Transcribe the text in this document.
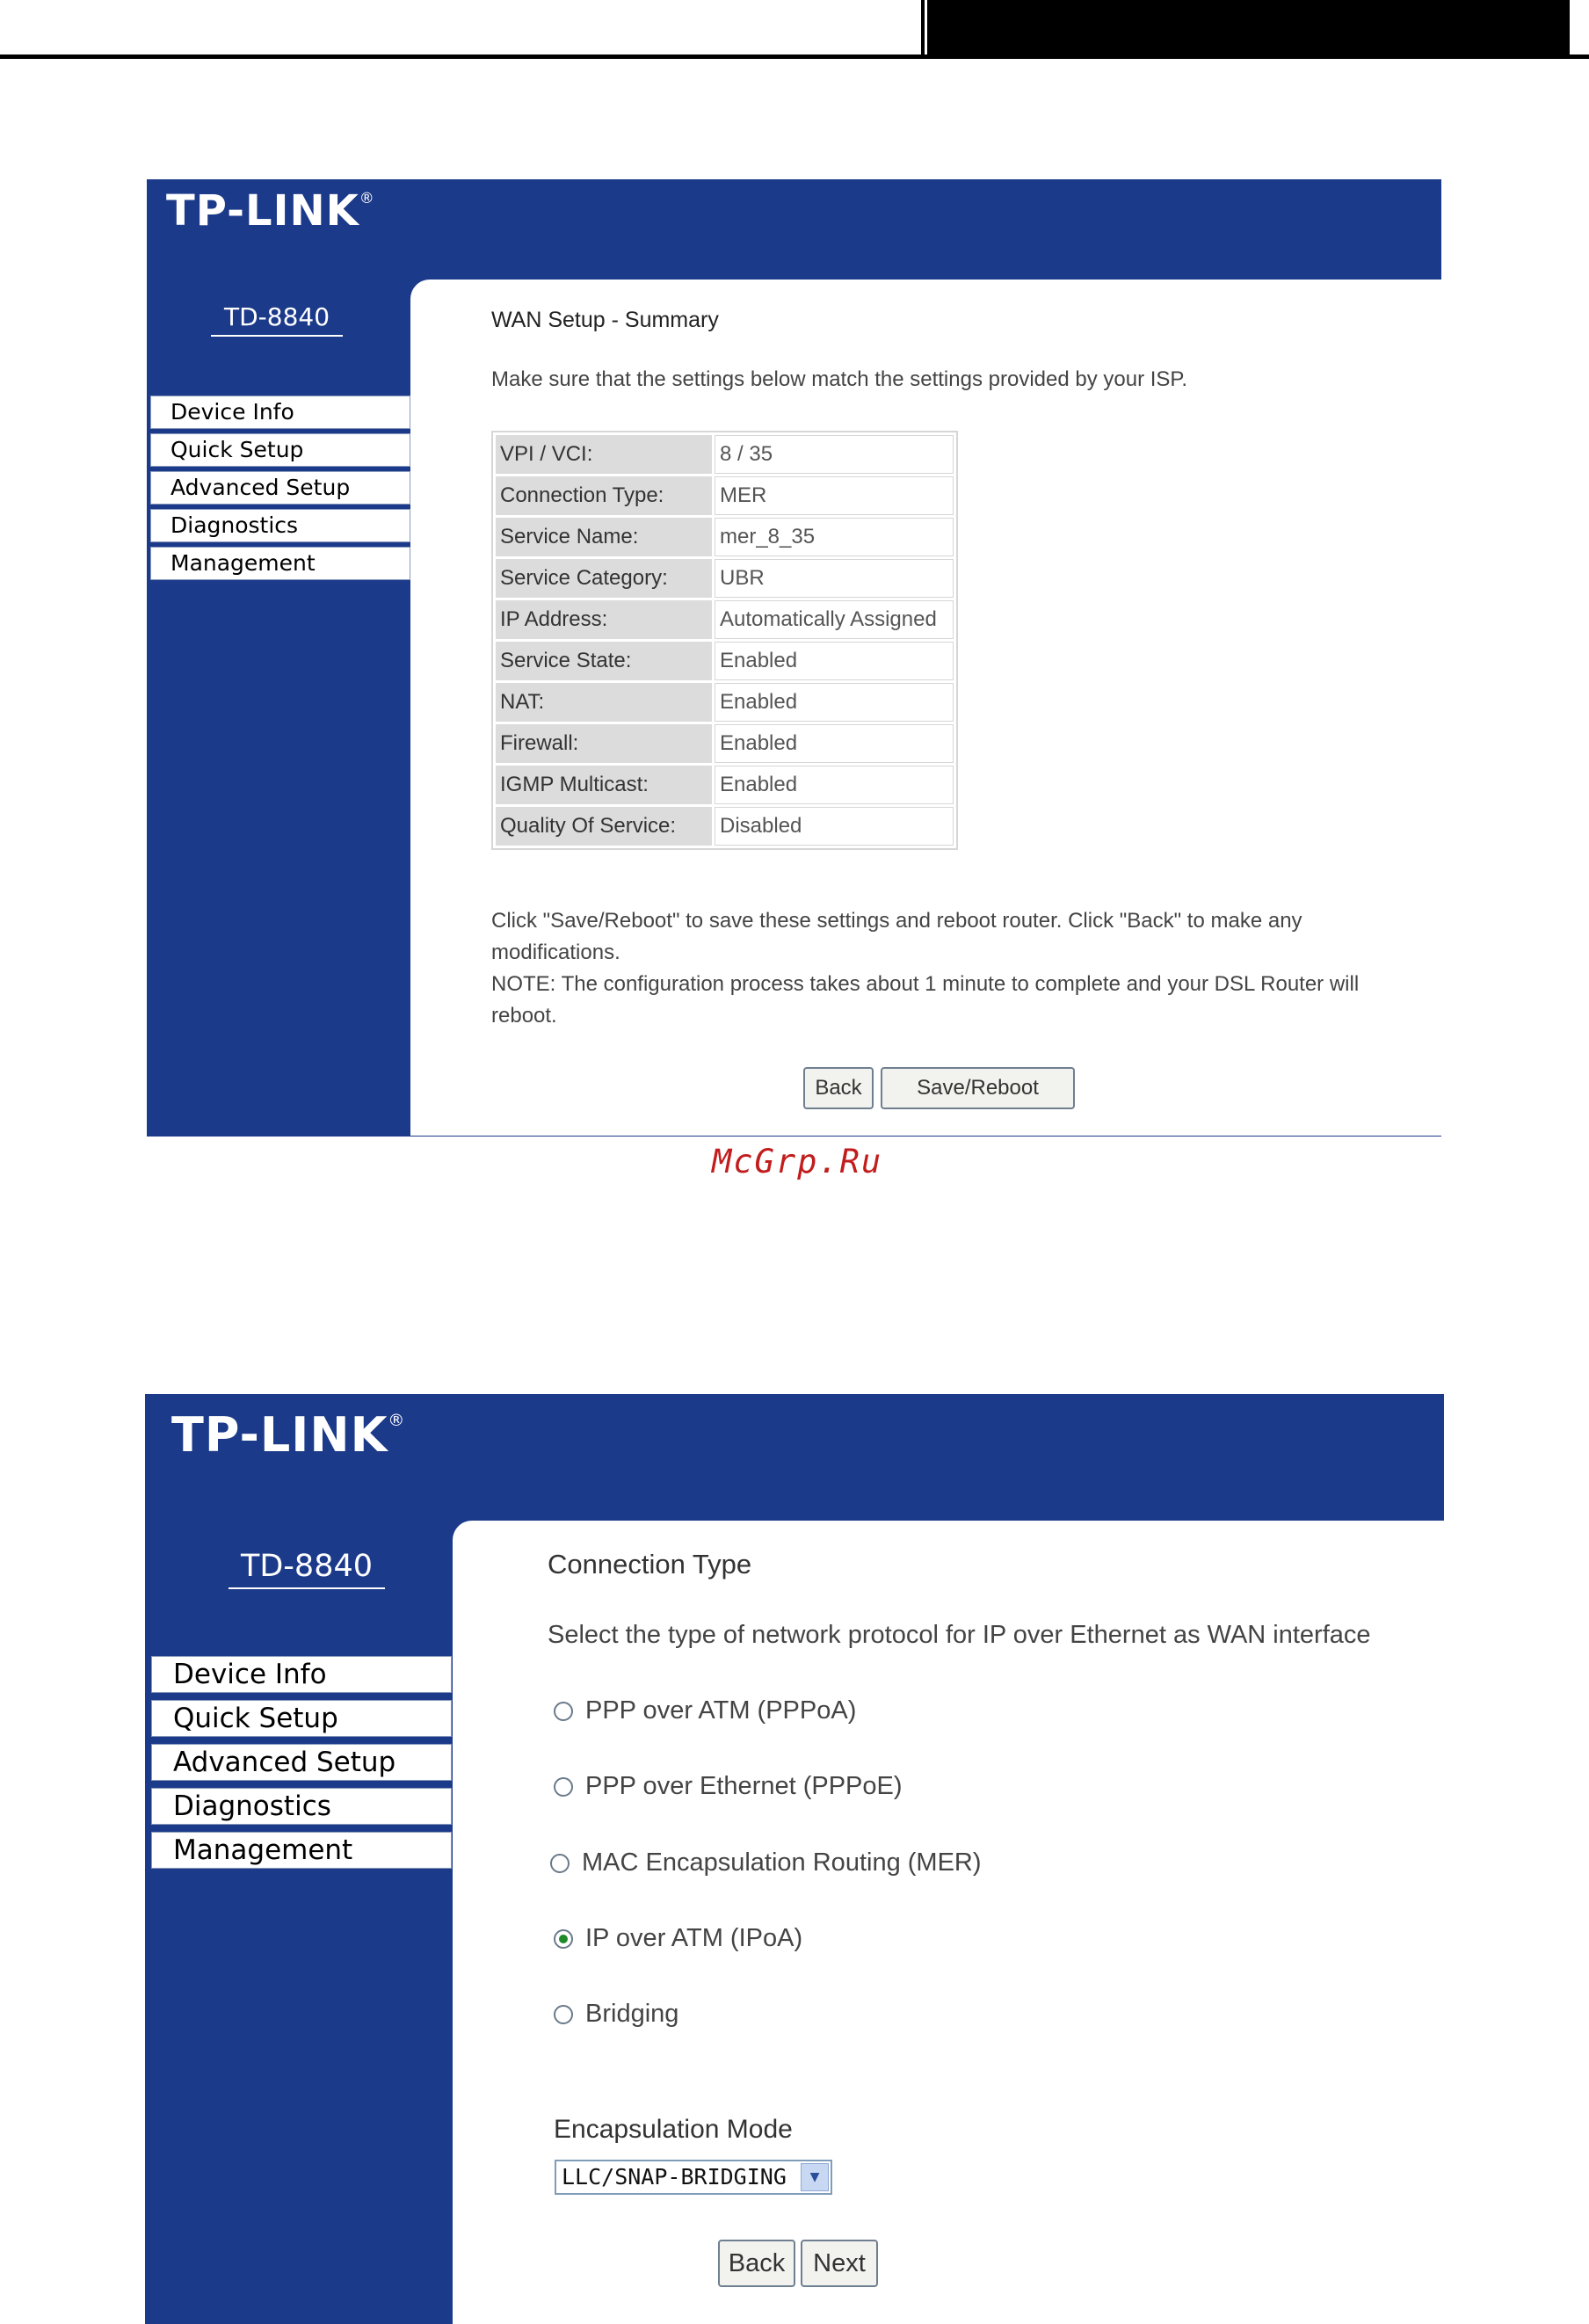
TP-LINK®
TD-8840
Device Info
Quick Setup
Advanced Setup
Diagnostics
Management
WAN Setup - Summary
Make sure that the settings below match the settings provided by your ISP.
VPI / VCI:	8 / 35
Connection Type:	MER
Service Name:	mer_8_35
Service Category:	UBR
IP Address:	Automatically Assigned
Service State:	Enabled
NAT:	Enabled
Firewall:	Enabled
IGMP Multicast:	Enabled
Quality Of Service:	Disabled
Click "Save/Reboot" to save these settings and reboot router. Click "Back" to make any modifications.
NOTE: The configuration process takes about 1 minute to complete and your DSL Router will reboot.
Back	Save/Reboot
McGrp.Ru
TP-LINK®
TD-8840
Device Info
Quick Setup
Advanced Setup
Diagnostics
Management
Connection Type
Select the type of network protocol for IP over Ethernet as WAN interface
PPP over ATM (PPPoA)
PPP over Ethernet (PPPoE)
MAC Encapsulation Routing (MER)
IP over ATM (IPoA)
Bridging
Encapsulation Mode
LLC/SNAP-BRIDGING	▼
Back	Next
